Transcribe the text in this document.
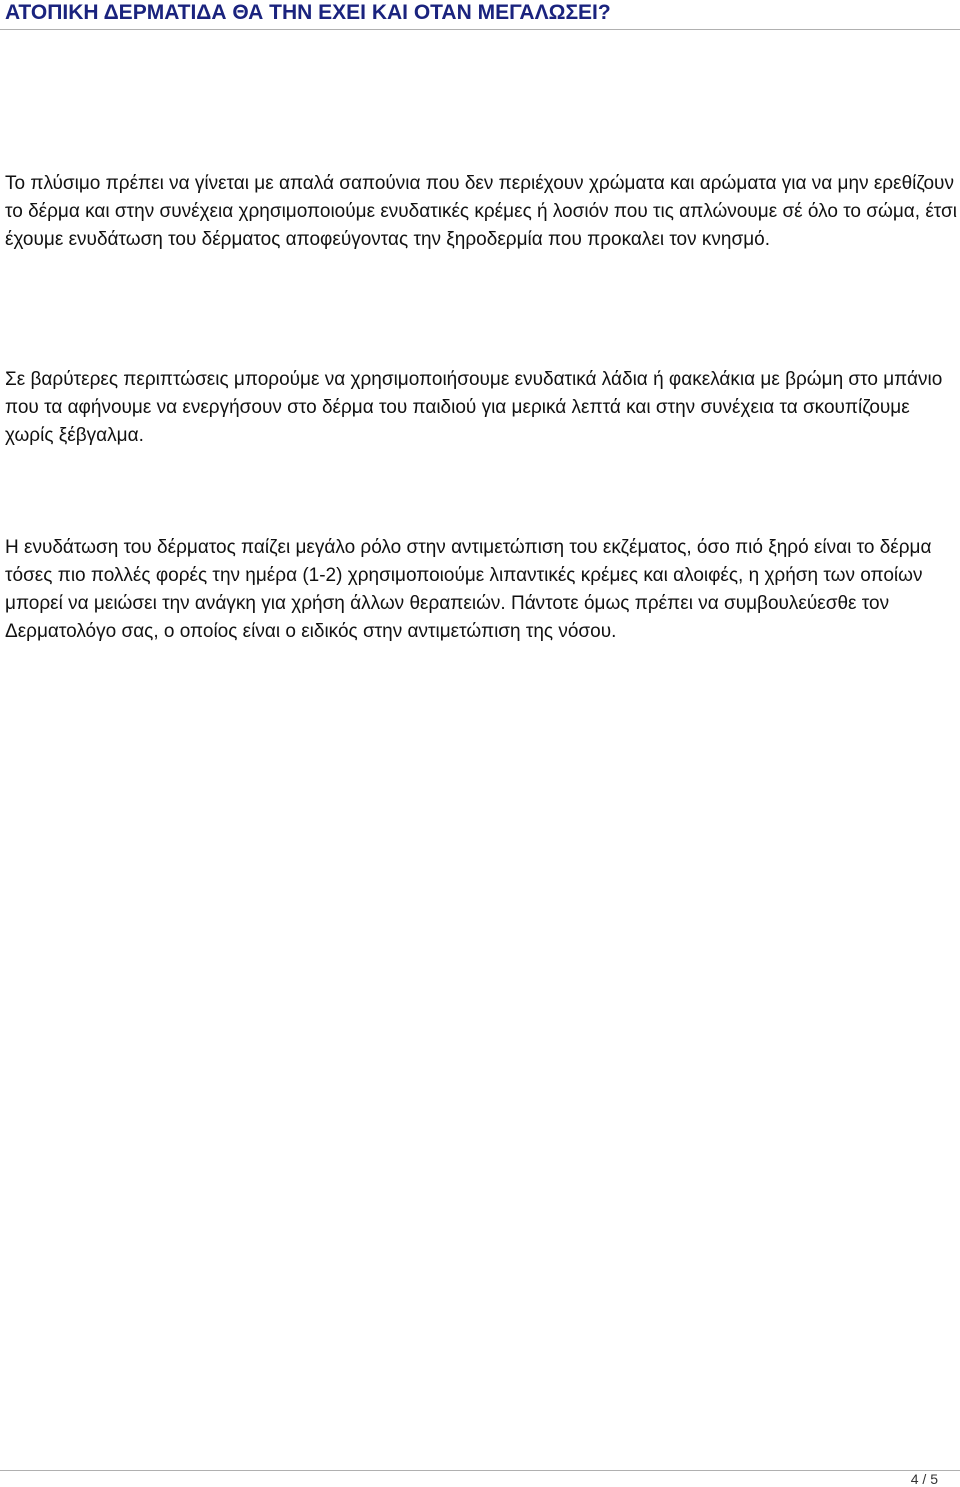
ΑΤΟΠΙΚΗ ΔΕΡΜΑΤΙΔΑ ΘΑ ΤΗΝ ΕΧΕΙ ΚΑΙ ΟΤΑΝ ΜΕΓΑΛΩΣΕΙ?

Το πλύσιμο πρέπει να γίνεται με απαλά σαπούνια που δεν περιέχουν χρώματα και αρώματα για να μην ερεθίζουν το δέρμα και στην συνέχεια χρησιμοποιούμε ενυδατικές κρέμες ή λοσιόν που τις απλώνουμε σέ όλο το σώμα, έτσι έχουμε ενυδάτωση του δέρματος αποφεύγοντας την ξηροδερμία που προκαλει τον κνησμό.

Σε βαρύτερες περιπτώσεις μπορούμε να χρησιμοποιήσουμε ενυδατικά λάδια ή φακελάκια με βρώμη στο μπάνιο που τα αφήνουμε να ενεργήσουν στο δέρμα του παιδιού για μερικά λεπτά και στην συνέχεια τα σκουπίζουμε χωρίς ξέβγαλμα.

Η ενυδάτωση του δέρματος παίζει μεγάλο ρόλο στην αντιμετώπιση του εκζέματος, όσο πιό ξηρό είναι το δέρμα τόσες πιο πολλές φορές την ημέρα (1-2) χρησιμοποιούμε λιπαντικές κρέμες και αλοιφές, η χρήση των οποίων μπορεί να μειώσει την ανάγκη για χρήση άλλων θεραπειών. Πάντοτε όμως πρέπει να συμβουλεύεσθε τον Δερματολόγο σας, ο οποίος είναι ο ειδικός στην αντιμετώπιση της νόσου.

4 / 5
